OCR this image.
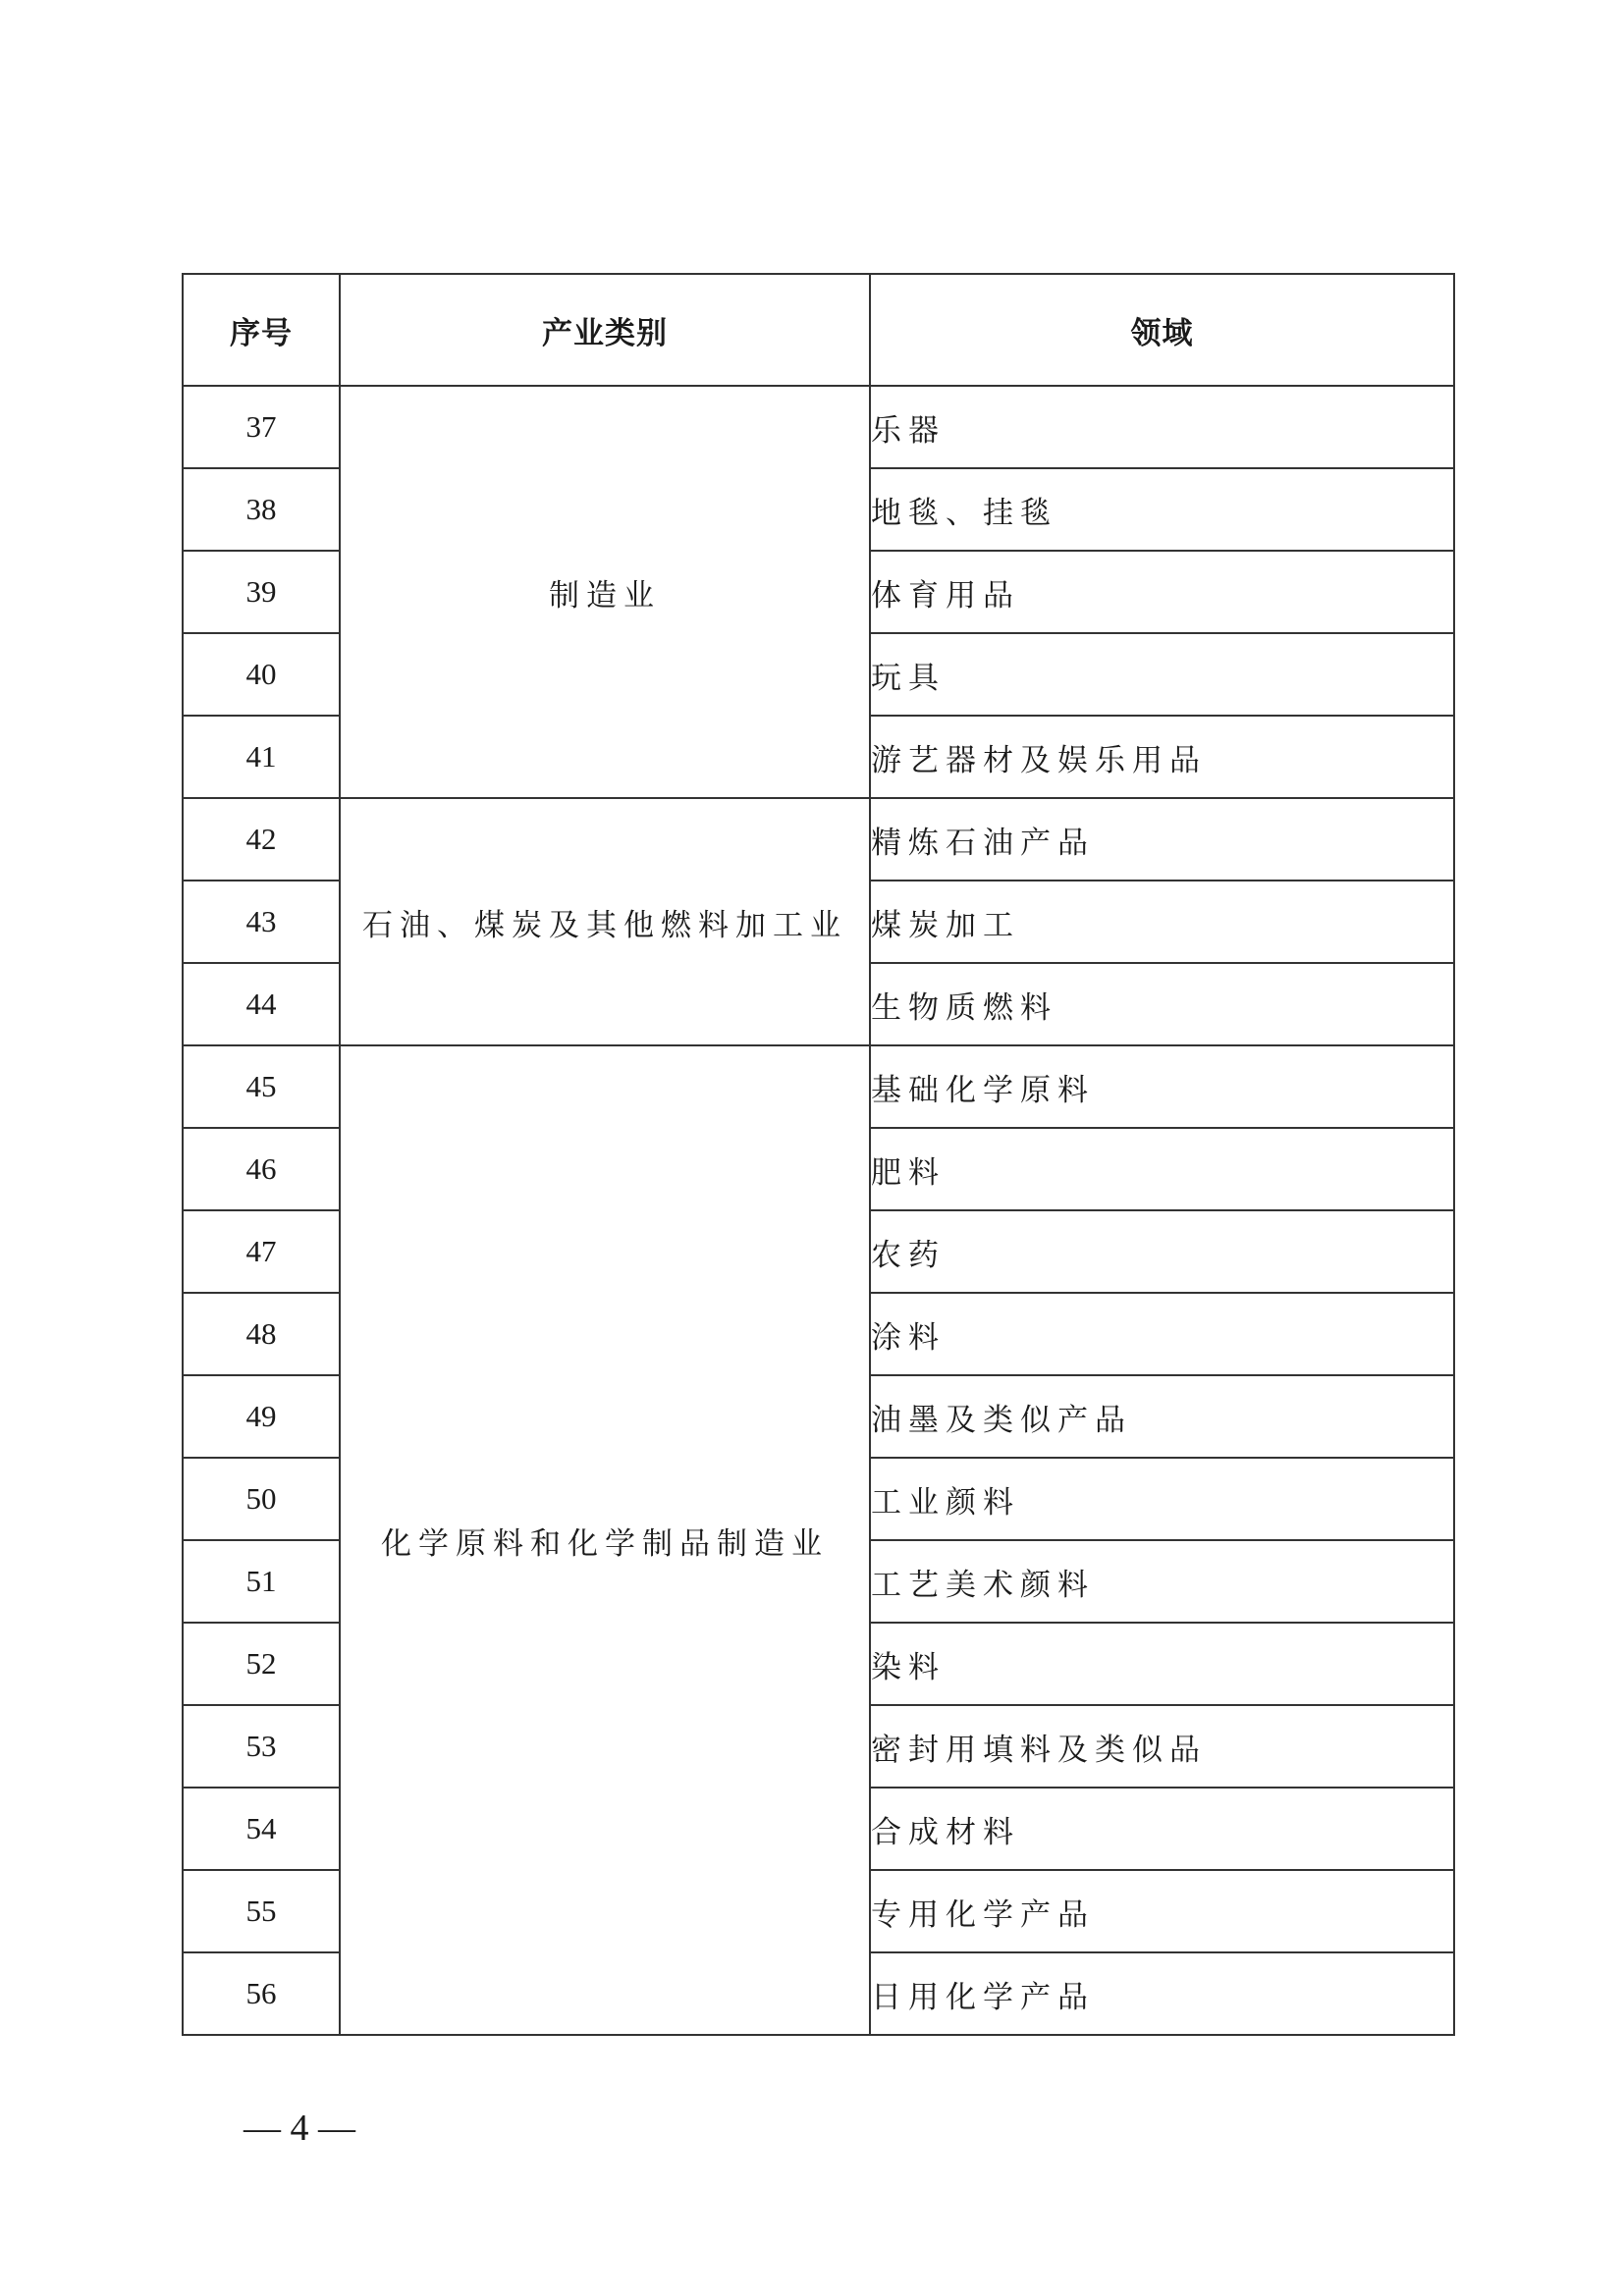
序号	产业类别	领域
37	制造业	乐器
38		地毯、挂毯
39		体育用品
40		玩具
41		游艺器材及娱乐用品
42	石油、煤炭及其他燃料加工业	精炼石油产品
43		煤炭加工
44		生物质燃料
45	化学原料和化学制品制造业	基础化学原料
46		肥料
47		农药
48		涂料
49		油墨及类似产品
50		工业颜料
51		工艺美术颜料
52		染料
53		密封用填料及类似品
54		合成材料
55		专用化学产品
56		日用化学产品
— 4 —
